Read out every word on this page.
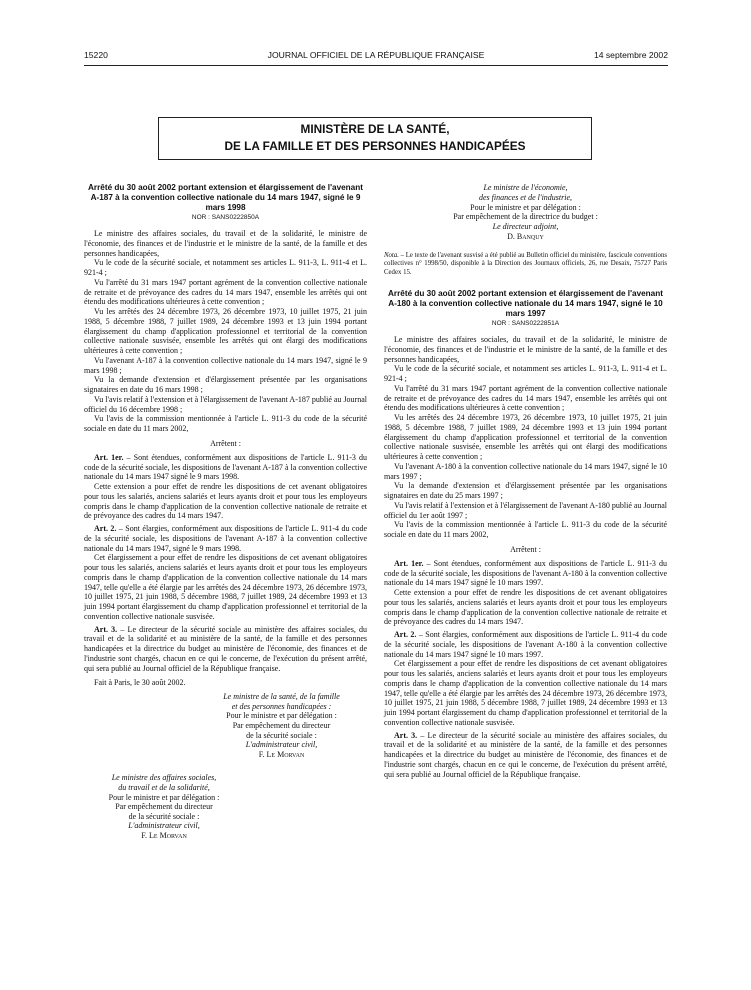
15220	JOURNAL OFFICIEL DE LA RÉPUBLIQUE FRANÇAISE	14 septembre 2002
MINISTÈRE DE LA SANTÉ,
DE LA FAMILLE ET DES PERSONNES HANDICAPÉES
Arrêté du 30 août 2002 portant extension et élargissement de l'avenant A-187 à la convention collective nationale du 14 mars 1947, signé le 9 mars 1998
NOR : SANS0222850A

Le ministre des affaires sociales, du travail et de la solidarité, le ministre de l'économie, des finances et de l'industrie et le ministre de la santé, de la famille et des personnes handicapées,

Vu le code de la sécurité sociale, et notamment ses articles L. 911-3, L. 911-4 et L. 921-4 ;

Vu l'arrêté du 31 mars 1947 portant agrément de la convention collective nationale de retraite et de prévoyance des cadres du 14 mars 1947, ensemble les arrêtés qui ont étendu des modifications ultérieures à cette convention ;

Vu les arrêtés des 24 décembre 1973, 26 décembre 1973, 10 juillet 1975, 21 juin 1988, 5 décembre 1988, 7 juillet 1989, 24 décembre 1993 et 13 juin 1994 portant élargissement du champ d'application professionnel et territorial de la convention collective nationale susvisée, ensemble les arrêtés qui ont élargi des modifications ultérieures à cette convention ;

Vu l'avenant A-187 à la convention collective nationale du 14 mars 1947, signé le 9 mars 1998 ;

Vu la demande d'extension et d'élargissement présentée par les organisations signataires en date du 16 mars 1998 ;

Vu l'avis relatif à l'extension et à l'élargissement de l'avenant A-187 publié au Journal officiel du 16 décembre 1998 ;

Vu l'avis de la commission mentionnée à l'article L. 911-3 du code de la sécurité sociale en date du 11 mars 2002,

Arrêtent :

Art. 1er. – Sont étendues, conformément aux dispositions de l'article L. 911-3 du code de la sécurité sociale, les dispositions de l'avenant A-187 à la convention collective nationale du 14 mars 1947 signé le 9 mars 1998.

Cette extension a pour effet de rendre les dispositions de cet avenant obligatoires pour tous les salariés, anciens salariés et leurs ayants droit et pour tous les employeurs compris dans le champ d'application de la convention collective nationale de retraite et de prévoyance des cadres du 14 mars 1947.

Art. 2. – Sont élargies, conformément aux dispositions de l'article L. 911-4 du code de la sécurité sociale, les dispositions de l'avenant A-187 à la convention collective nationale du 14 mars 1947, signé le 9 mars 1998.

Cet élargissement a pour effet de rendre les dispositions de cet avenant obligatoires pour tous les salariés, anciens salariés et leurs ayants droit et pour tous les employeurs compris dans le champ d'application de la convention collective nationale du 14 mars 1947, telle qu'elle a été élargie par les arrêtés des 24 décembre 1973, 26 décembre 1973, 10 juillet 1975, 21 juin 1988, 5 décembre 1988, 7 juillet 1989, 24 décembre 1993 et 13 juin 1994 portant élargissement du champ d'application professionnel et territorial de la convention collective nationale susvisée.

Art. 3. – Le directeur de la sécurité sociale au ministère des affaires sociales, du travail et de la solidarité et au ministère de la santé, de la famille et des personnes handicapées et la directrice du budget au ministère de l'économie, des finances et de l'industrie sont chargés, chacun en ce qui le concerne, de l'exécution du présent arrêté, qui sera publié au Journal officiel de la République française.

Fait à Paris, le 30 août 2002.

Le ministre de la santé, de la famille
et des personnes handicapées :
Pour le ministre et par délégation :
Par empêchement du directeur
de la sécurité sociale :
L'administrateur civil,
F. Le Morvan
Le ministre des affaires sociales,
du travail et de la solidarité,
Pour le ministre et par délégation :
Par empêchement du directeur
de la sécurité sociale :
L'administrateur civil,
F. Le Morvan
Le ministre de l'économie,
des finances et de l'industrie,
Pour le ministre et par délégation :
Par empêchement de la directrice du budget :
Le directeur adjoint,
D. Banquy
Nota. – Le texte de l'avenant susvisé a été publié au Bulletin officiel du ministère, fascicule conventions collectives n° 1998/50, disponible à la Direction des Journaux officiels, 26, rue Desaix, 75727 Paris Cedex 15.
Arrêté du 30 août 2002 portant extension et élargissement de l'avenant A-180 à la convention collective nationale du 14 mars 1947, signé le 10 mars 1997
NOR : SANS0222851A

Le ministre des affaires sociales, du travail et de la solidarité, le ministre de l'économie, des finances et de l'industrie et le ministre de la santé, de la famille et des personnes handicapées,

Vu le code de la sécurité sociale, et notamment ses articles L. 911-3, L. 911-4 et L. 921-4 ;

Vu l'arrêté du 31 mars 1947 portant agrément de la convention collective nationale de retraite et de prévoyance des cadres du 14 mars 1947, ensemble les arrêtés qui ont étendu des modifications ultérieures à cette convention ;

Vu les arrêtés des 24 décembre 1973, 26 décembre 1973, 10 juillet 1975, 21 juin 1988, 5 décembre 1988, 7 juillet 1989, 24 décembre 1993 et 13 juin 1994 portant élargissement du champ d'application professionnel et territorial de la convention collective nationale susvisée, ensemble les arrêtés qui ont élargi des modifications ultérieures à cette convention ;

Vu l'avenant A-180 à la convention collective nationale du 14 mars 1947, signé le 10 mars 1997 ;

Vu la demande d'extension et d'élargissement présentée par les organisations signataires en date du 25 mars 1997 ;

Vu l'avis relatif à l'extension et à l'élargissement de l'avenant A-180 publié au Journal officiel du 1er août 1997 ;

Vu l'avis de la commission mentionnée à l'article L. 911-3 du code de la sécurité sociale en date du 11 mars 2002,

Arrêtent :

Art. 1er. – Sont étendues, conformément aux dispositions de l'article L. 911-3 du code de la sécurité sociale, les dispositions de l'avenant A-180 à la convention collective nationale du 14 mars 1947 signé le 10 mars 1997.

Cette extension a pour effet de rendre les dispositions de cet avenant obligatoires pour tous les salariés, anciens salariés et leurs ayants droit et pour tous les employeurs compris dans le champ d'application de la convention collective nationale de retraite et de prévoyance des cadres du 14 mars 1947.

Art. 2. – Sont élargies, conformément aux dispositions de l'article L. 911-4 du code de la sécurité sociale, les dispositions de l'avenant A-180 à la convention collective nationale du 14 mars 1947 signé le 10 mars 1997.

Cet élargissement a pour effet de rendre les dispositions de cet avenant obligatoires pour tous les salariés, anciens salariés et leurs ayants droit et pour tous les employeurs compris dans le champ d'application de la convention collective nationale du 14 mars 1947, telle qu'elle a été élargie par les arrêtés des 24 décembre 1973, 26 décembre 1973, 10 juillet 1975, 21 juin 1988, 5 décembre 1988, 7 juillet 1989, 24 décembre 1993 et 13 juin 1994 portant élargissement du champ d'application professionnel et territorial de la convention collective nationale susvisée.

Art. 3. – Le directeur de la sécurité sociale au ministère des affaires sociales, du travail et de la solidarité et au ministère de la santé, de la famille et des personnes handicapées et la directrice du budget au ministère de l'économie, des finances et de l'industrie sont chargés, chacun en ce qui le concerne, de l'exécution du présent arrêté, qui sera publié au Journal officiel de la République française.
